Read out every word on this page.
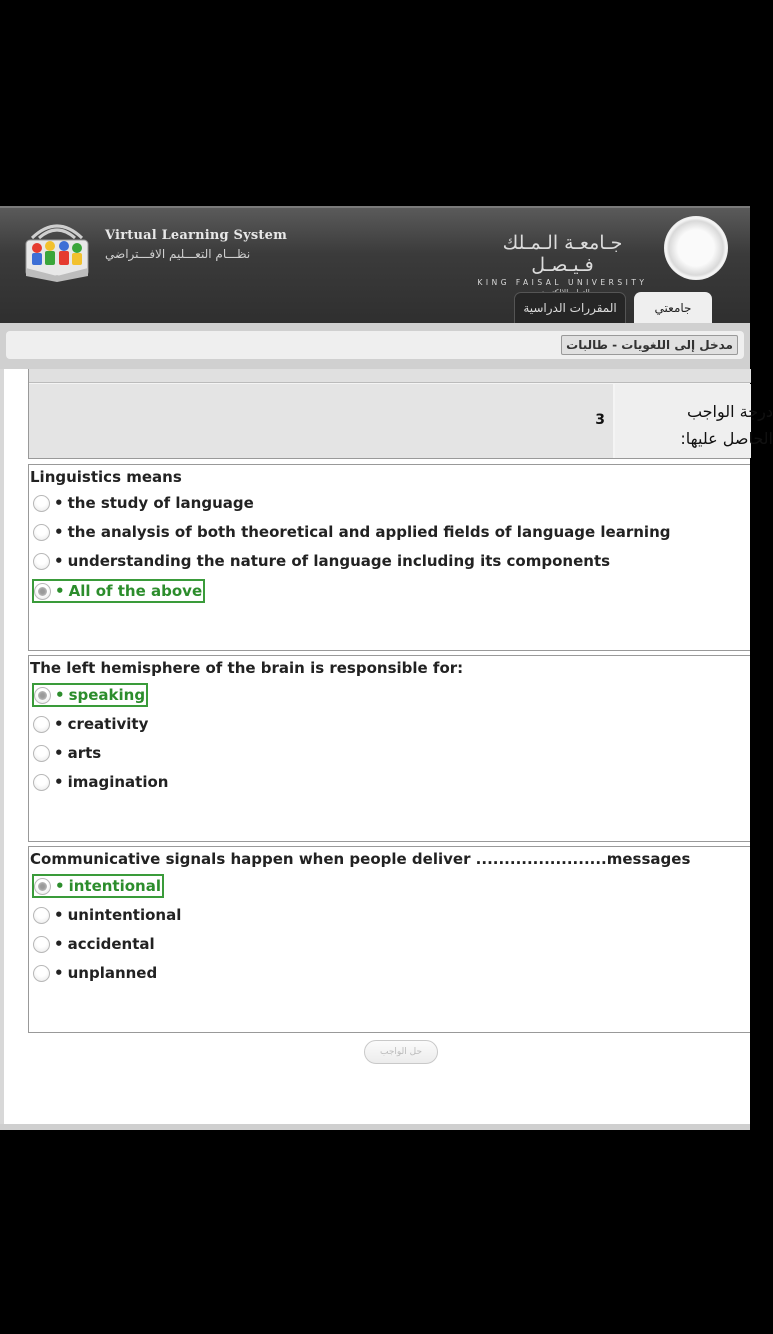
Virtual Learning System
نظـــام التعـــليم الافـــتراضي	جـامعـة الـمـلك فـيـصـل
KING FAISAL UNIVERSITY
جامعتي
المقررات الدراسية
مدخل إلى اللغويات - طالبات
3	درجة الواجب
الحاصل عليها:
Linguistics means
• the study of language
• the analysis of both theoretical and applied fields of language learning
• understanding the nature of language including its components
• All of the above
The left hemisphere of the brain is responsible for:
• speaking
• creativity
• arts
• imagination
Communicative signals happen when people deliver .......................messages
• intentional
• unintentional
• accidental
• unplanned
حل الواجب
